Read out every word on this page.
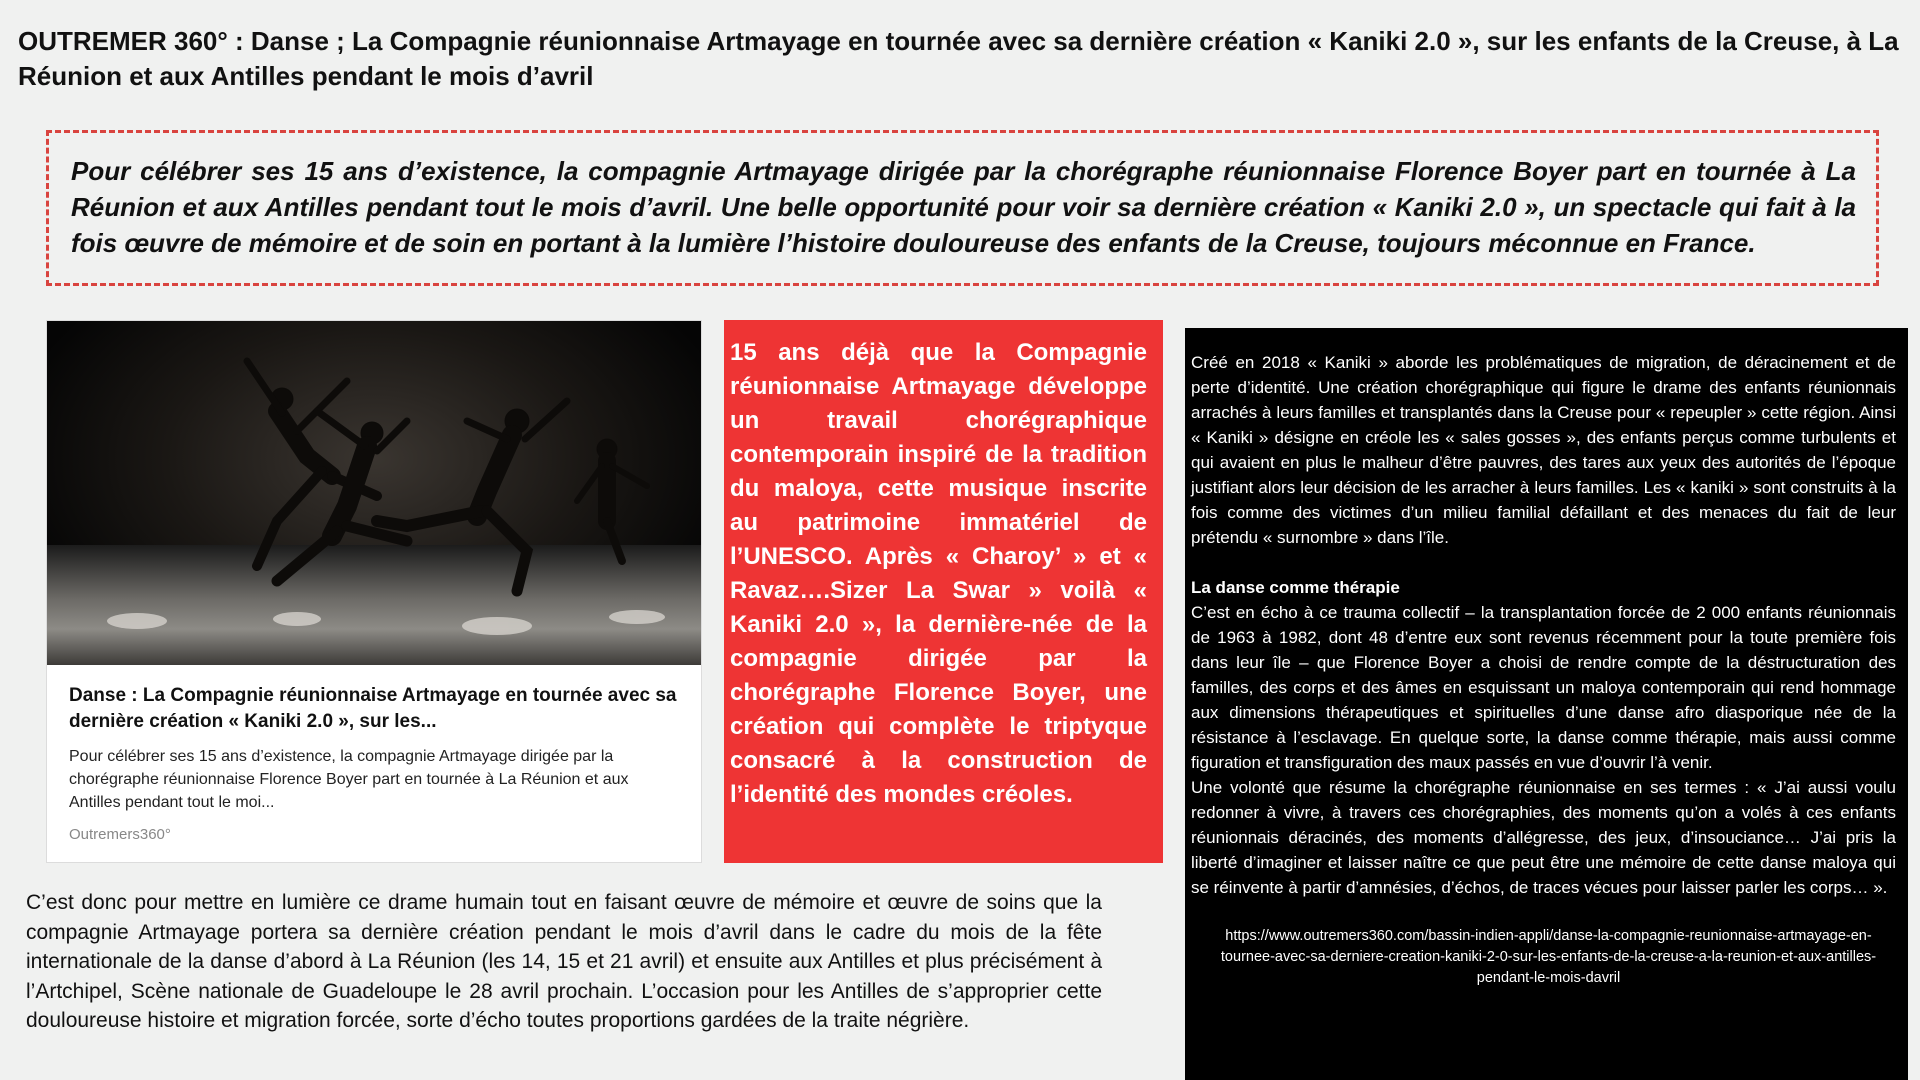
OUTREMER 360° : Danse ; La Compagnie réunionnaise Artmayage en tournée avec sa dernière création « Kaniki 2.0 », sur les enfants de la Creuse, à La Réunion et aux Antilles pendant le mois d’avril

Pour célébrer ses 15 ans d’existence, la compagnie Artmayage dirigée par la chorégraphe réunionnaise Florence Boyer part en tournée à La Réunion et aux Antilles pendant tout le mois d’avril. Une belle opportunité pour voir sa dernière création « Kaniki 2.0 », un spectacle qui fait à la fois œuvre de mémoire et de soin en portant à la lumière l’histoire douloureuse des enfants de la Creuse, toujours méconnue en France.

Danse : La Compagnie réunionnaise Artmayage en tournée avec sa dernière création « Kaniki 2.0 », sur les...
Pour célébrer ses 15 ans d’existence, la compagnie Artmayage dirigée par la chorégraphe réunionnaise Florence Boyer part en tournée à La Réunion et aux Antilles pendant tout le moi...
Outremers360°

15 ans déjà que la Compagnie réunionnaise Artmayage développe un travail chorégraphique contemporain inspiré de la tradition du maloya, cette musique inscrite au patrimoine immatériel de l’UNESCO. Après « Charoy’ » et « Ravaz….Sizer La Swar » voilà « Kaniki 2.0 », la dernière-née de la compagnie dirigée par la chorégraphe Florence Boyer, une création qui complète le triptyque consacré à la construction de l’identité des mondes créoles.

C’est donc pour mettre en lumière ce drame humain tout en faisant œuvre de mémoire et œuvre de soins que la compagnie Artmayage portera sa dernière création pendant le mois d’avril dans le cadre du mois de la fête internationale de la danse d’abord à La Réunion (les 14, 15 et 21 avril) et ensuite aux Antilles et plus précisément à l’Artchipel, Scène nationale de Guadeloupe le 28 avril prochain. L’occasion pour les Antilles de s’approprier cette douloureuse histoire et migration forcée, sorte d’écho toutes proportions gardées de la traite négrière.

Créé en 2018 « Kaniki » aborde les problématiques de migration, de déracinement et de perte d’identité. Une création chorégraphique qui figure le drame des enfants réunionnais arrachés à leurs familles et transplantés dans la Creuse pour « repeupler » cette région. Ainsi « Kaniki » désigne en créole les « sales gosses », des enfants perçus comme turbulents et qui avaient en plus le malheur d’être pauvres, des tares aux yeux des autorités de l’époque justifiant alors leur décision de les arracher à leurs familles. Les « kaniki » sont construits à la fois comme des victimes d’un milieu familial défaillant et des menaces du fait de leur prétendu « surnombre » dans l’île.

La danse comme thérapie

C’est en écho à ce trauma collectif – la transplantation forcée de 2 000 enfants réunionnais de 1963 à 1982, dont 48 d’entre eux sont revenus récemment pour la toute première fois dans leur île – que Florence Boyer a choisi de rendre compte de la déstructuration des familles, des corps et des âmes en esquissant un maloya contemporain qui rend hommage aux dimensions thérapeutiques et spirituelles d’une danse afro diasporique née de la résistance à l’esclavage. En quelque sorte, la danse comme thérapie, mais aussi comme figuration et transfiguration des maux passés en vue d’ouvrir l’à venir.

Une volonté que résume la chorégraphe réunionnaise en ses termes : « J’ai aussi voulu redonner à vivre, à travers ces chorégraphies, des moments qu’on a volés à ces enfants réunionnais déracinés, des moments d’allégresse, des jeux, d’insouciance… J’ai pris la liberté d’imaginer et laisser naître ce que peut être une mémoire de cette danse maloya qui se réinvente à partir d’amnésies, d’échos, de traces vécues pour laisser parler les corps… ».

https://www.outremers360.com/bassin-indien-appli/danse-la-compagnie-reunionnaise-artmayage-en-tournee-avec-sa-derniere-creation-kaniki-2-0-sur-les-enfants-de-la-creuse-a-la-reunion-et-aux-antilles-pendant-le-mois-davril
